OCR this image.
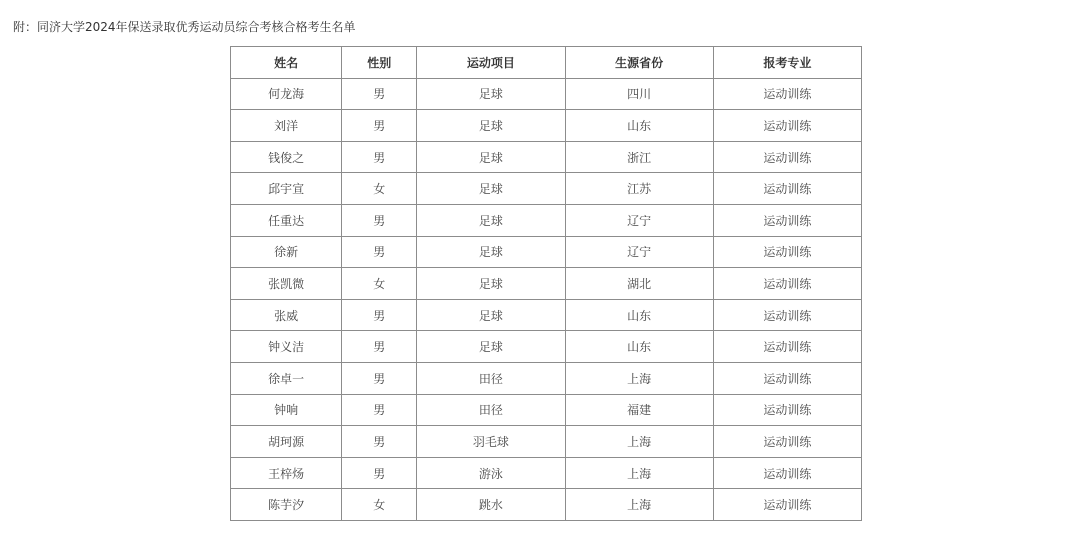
附：同济大学2024年保送录取优秀运动员综合考核合格考生名单
姓名	性别	运动项目	生源省份	报考专业
何龙海	男	足球	四川	运动训练
刘洋	男	足球	山东	运动训练
钱俊之	男	足球	浙江	运动训练
邱宇宣	女	足球	江苏	运动训练
任重达	男	足球	辽宁	运动训练
徐新	男	足球	辽宁	运动训练
张凯微	女	足球	湖北	运动训练
张威	男	足球	山东	运动训练
钟义洁	男	足球	山东	运动训练
徐卓一	男	田径	上海	运动训练
钟响	男	田径	福建	运动训练
胡珂源	男	羽毛球	上海	运动训练
王梓炀	男	游泳	上海	运动训练
陈芋汐	女	跳水	上海	运动训练
